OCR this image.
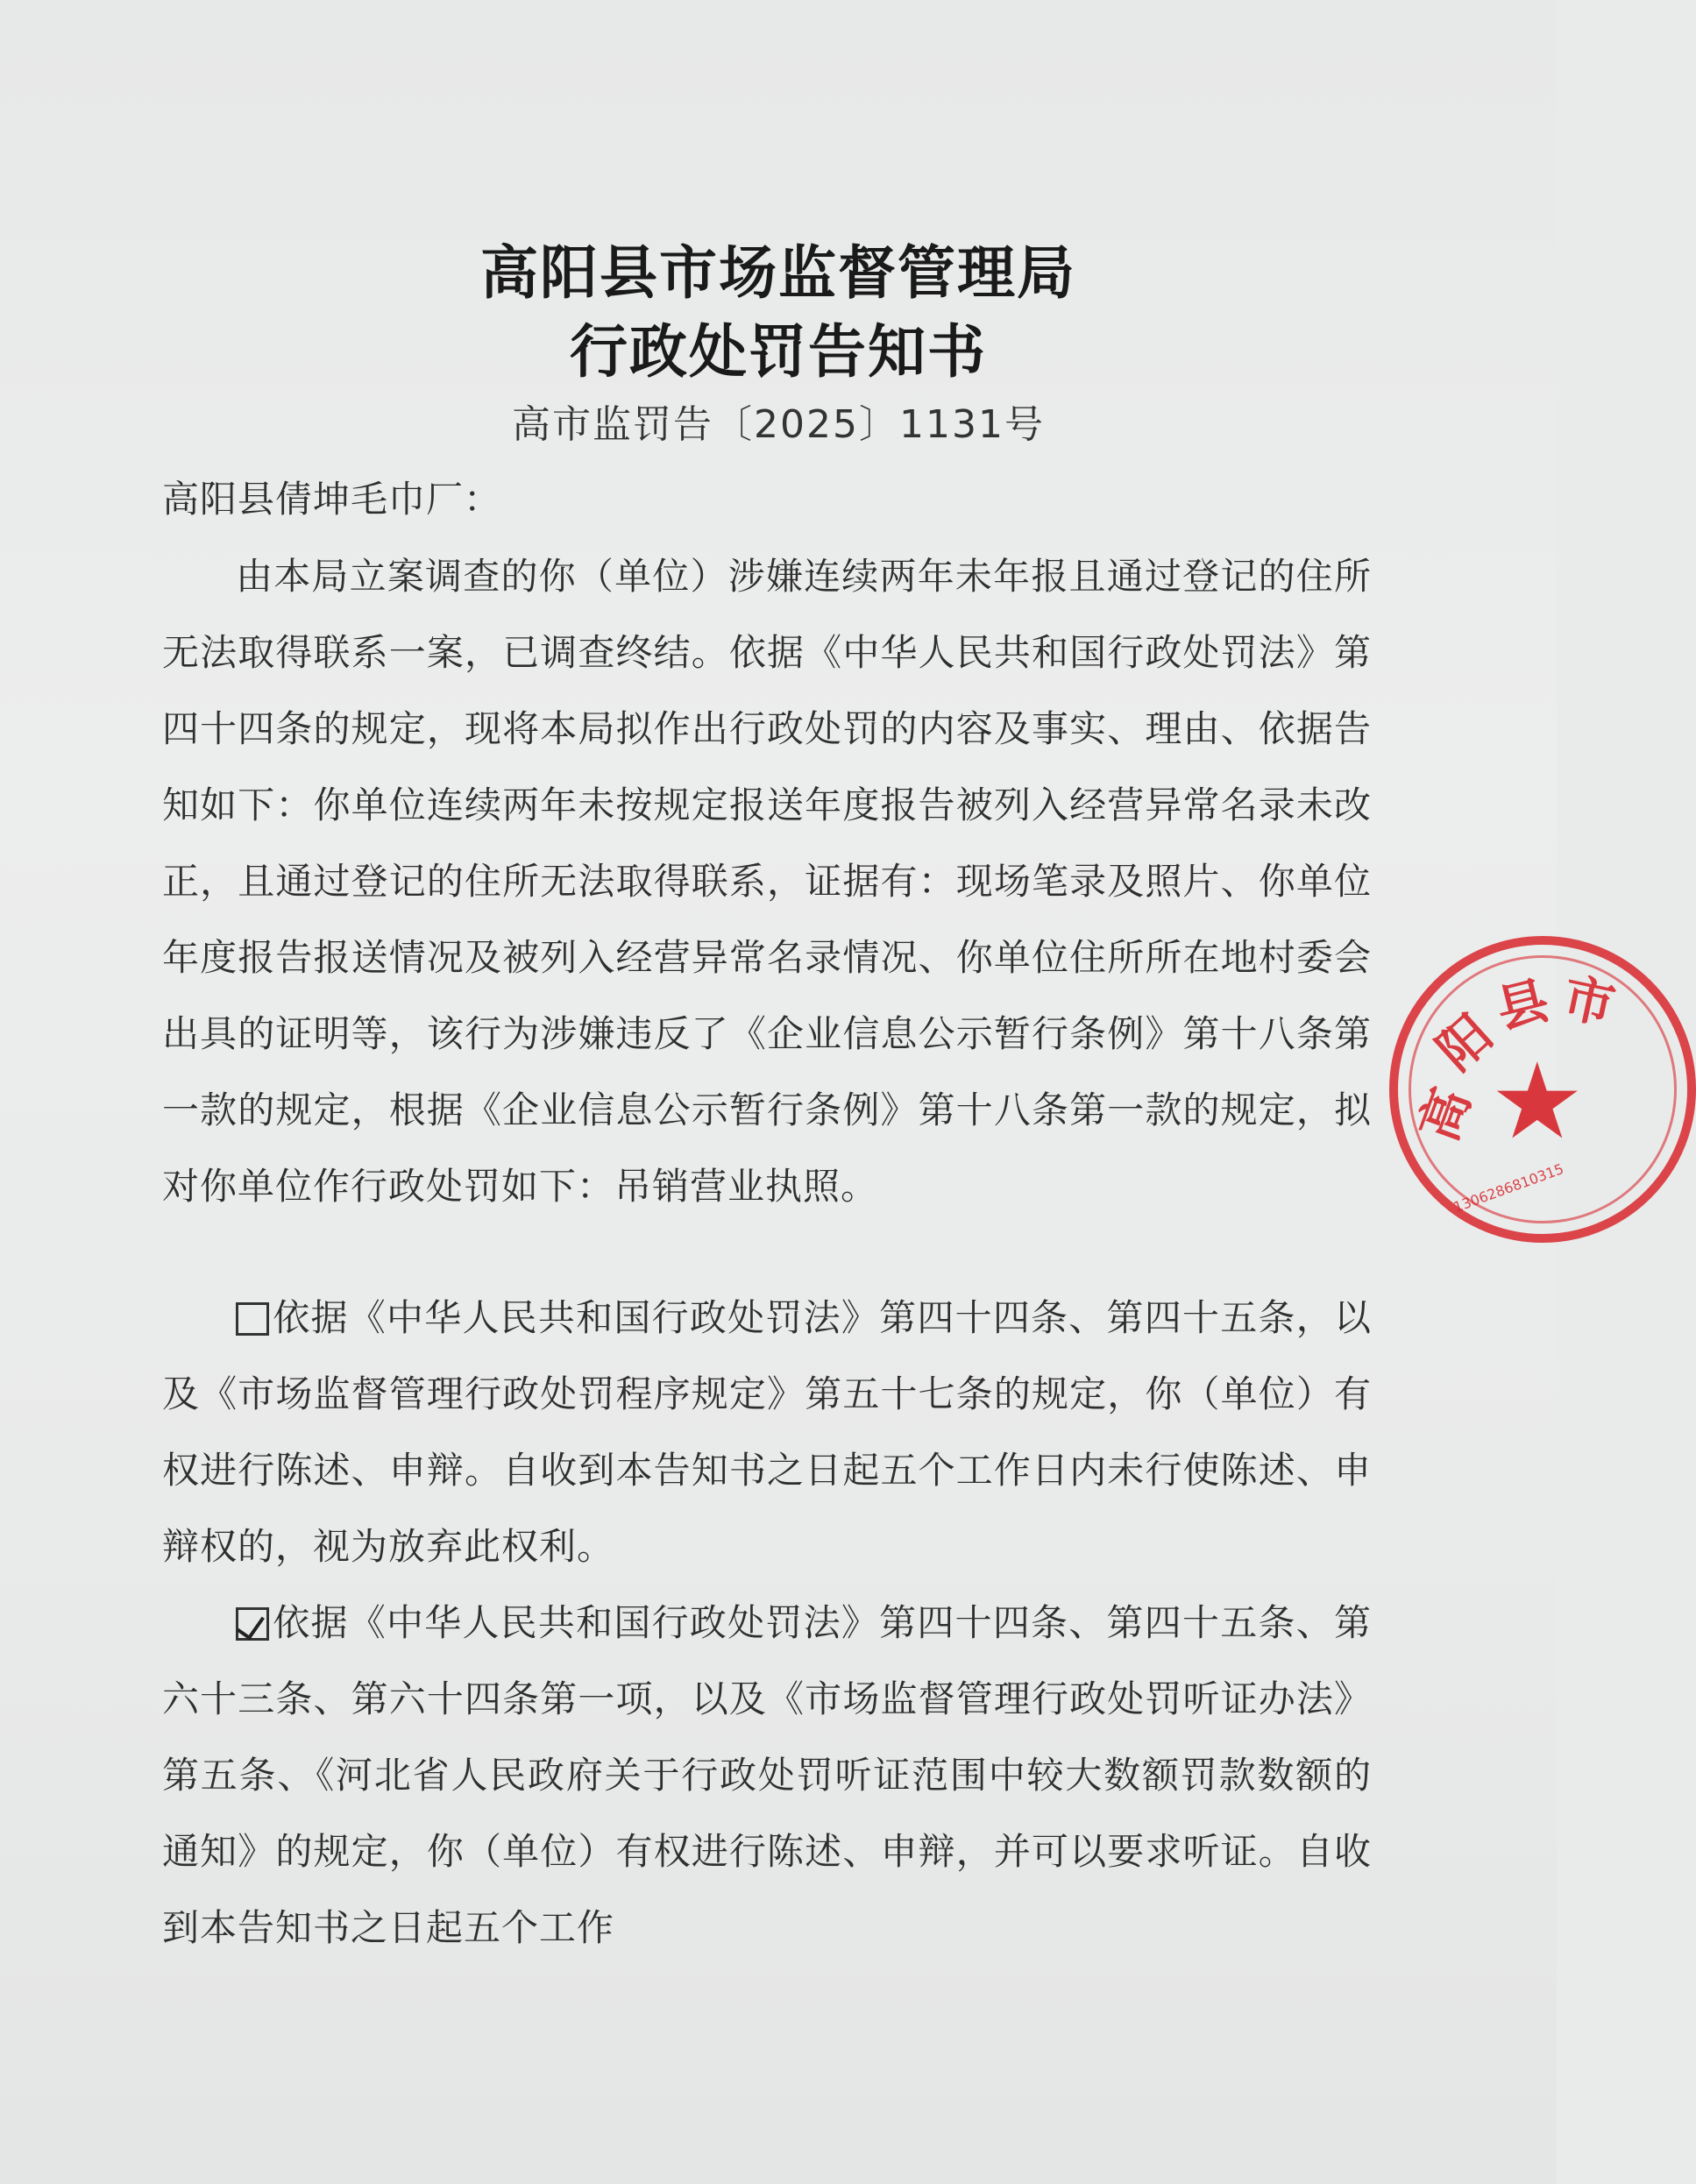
高阳县市场监督管理局
行政处罚告知书
高市监罚告〔2025〕1131号
高阳县倩坤毛巾厂：
由本局立案调查的你（单位）涉嫌连续两年未年报且通过登记的住所无法取得联系一案，已调查终结。依据《中华人民共和国行政处罚法》第四十四条的规定，现将本局拟作出行政处罚的内容及事实、理由、依据告知如下：你单位连续两年未按规定报送年度报告被列入经营异常名录未改正，且通过登记的住所无法取得联系，证据有：现场笔录及照片、你单位年度报告报送情况及被列入经营异常名录情况、你单位住所所在地村委会出具的证明等，该行为涉嫌违反了《企业信息公示暂行条例》第十八条第一款的规定，根据《企业信息公示暂行条例》第十八条第一款的规定，拟对你单位作行政处罚如下：吊销营业执照。
依据《中华人民共和国行政处罚法》第四十四条、第四十五条，以及《市场监督管理行政处罚程序规定》第五十七条的规定，你（单位）有权进行陈述、申辩。自收到本告知书之日起五个工作日内未行使陈述、申辩权的，视为放弃此权利。
依据《中华人民共和国行政处罚法》第四十四条、第四十五条、第六十三条、第六十四条第一项，以及《市场监督管理行政处罚听证办法》第五条、《河北省人民政府关于行政处罚听证范围中较大数额罚款数额的通知》的规定，你（单位）有权进行陈述、申辩，并可以要求听证。自收到本告知书之日起五个工作
高
阳
县 市
★
1306286810315
